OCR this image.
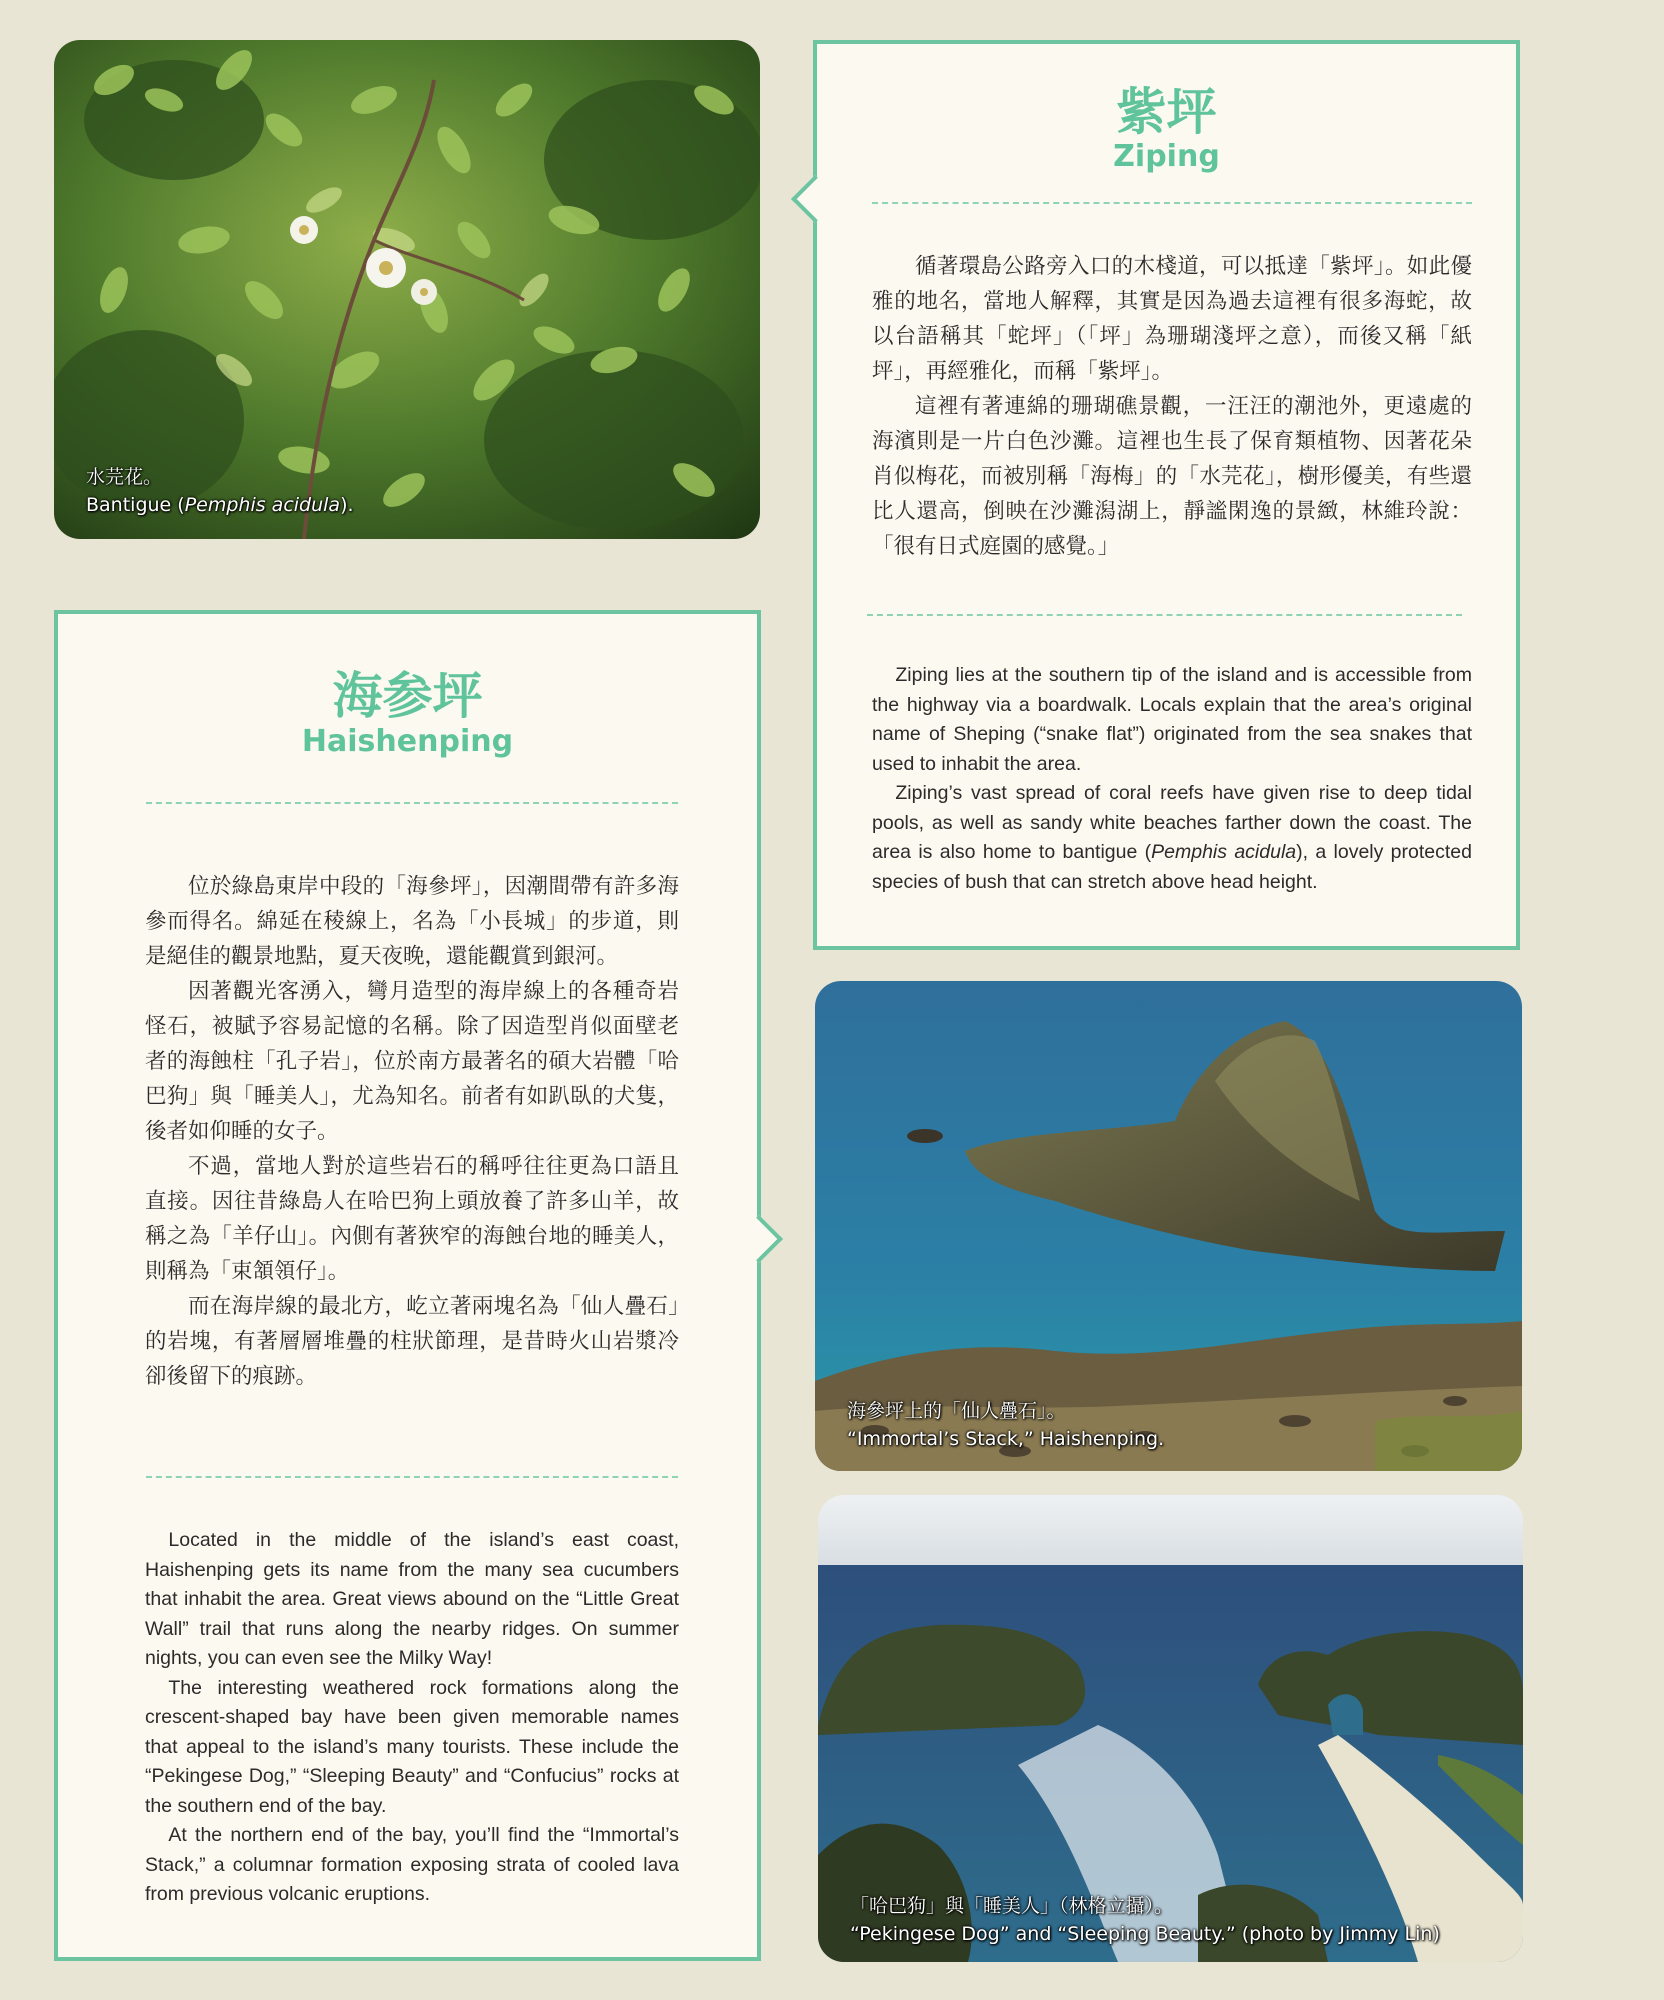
水芫花。
Bantigue (Pemphis acidula).
紫坪
Ziping

循著環島公路旁入口的木棧道，可以抵達「紫坪」。如此優雅的地名，當地人解釋，其實是因為過去這裡有很多海蛇，故以台語稱其「蛇坪」（「坪」為珊瑚淺坪之意），而後又稱「紙坪」，再經雅化，而稱「紫坪」。

這裡有著連綿的珊瑚礁景觀，一汪汪的潮池外，更遠處的海濱則是一片白色沙灘。這裡也生長了保育類植物、因著花朵肖似梅花，而被別稱「海梅」的「水芫花」，樹形優美，有些還比人還高，倒映在沙灘潟湖上，靜謐閑逸的景緻，林維玲說：「很有日式庭園的感覺。」

Ziping lies at the southern tip of the island and is accessible from the highway via a boardwalk. Locals explain that the area’s original name of Sheping (“snake flat”) originated from the sea snakes that used to inhabit the area.

Ziping’s vast spread of coral reefs have given rise to deep tidal pools, as well as sandy white beaches farther down the coast. The area is also home to bantigue (Pemphis acidula), a lovely protected species of bush that can stretch above head height.

海参坪
Haishenping

位於綠島東岸中段的「海參坪」，因潮間帶有許多海參而得名。綿延在稜線上，名為「小長城」的步道，則是絕佳的觀景地點，夏天夜晚，還能觀賞到銀河。

因著觀光客湧入，彎月造型的海岸線上的各種奇岩怪石，被賦予容易記憶的名稱。除了因造型肖似面壁老者的海蝕柱「孔子岩」，位於南方最著名的碩大岩體「哈巴狗」與「睡美人」，尤為知名。前者有如趴臥的犬隻，後者如仰睡的女子。

不過，當地人對於這些岩石的稱呼往往更為口語且直接。因往昔綠島人在哈巴狗上頭放養了許多山羊，故稱之為「羊仔山」。內側有著狹窄的海蝕台地的睡美人，則稱為「束頷領仔」。

而在海岸線的最北方，屹立著兩塊名為「仙人疊石」的岩塊，有著層層堆疊的柱狀節理，是昔時火山岩漿冷卻後留下的痕跡。

Located in the middle of the island’s east coast, Haishenping gets its name from the many sea cucumbers that inhabit the area. Great views abound on the “Little Great Wall” trail that runs along the nearby ridges. On summer nights, you can even see the Milky Way!

The interesting weathered rock formations along the crescent-shaped bay have been given memorable names that appeal to the island’s many tourists. These include the “Pekingese Dog,” “Sleeping Beauty” and “Confucius” rocks at the southern end of the bay.

At the northern end of the bay, you’ll find the “Immortal’s Stack,” a columnar formation exposing strata of cooled lava from previous volcanic eruptions.

海參坪上的「仙人疊石」。
“Immortal’s Stack,” Haishenping.
「哈巴狗」與「睡美人」（林格立攝）。
“Pekingese Dog” and “Sleeping Beauty.” (photo by Jimmy Lin)
